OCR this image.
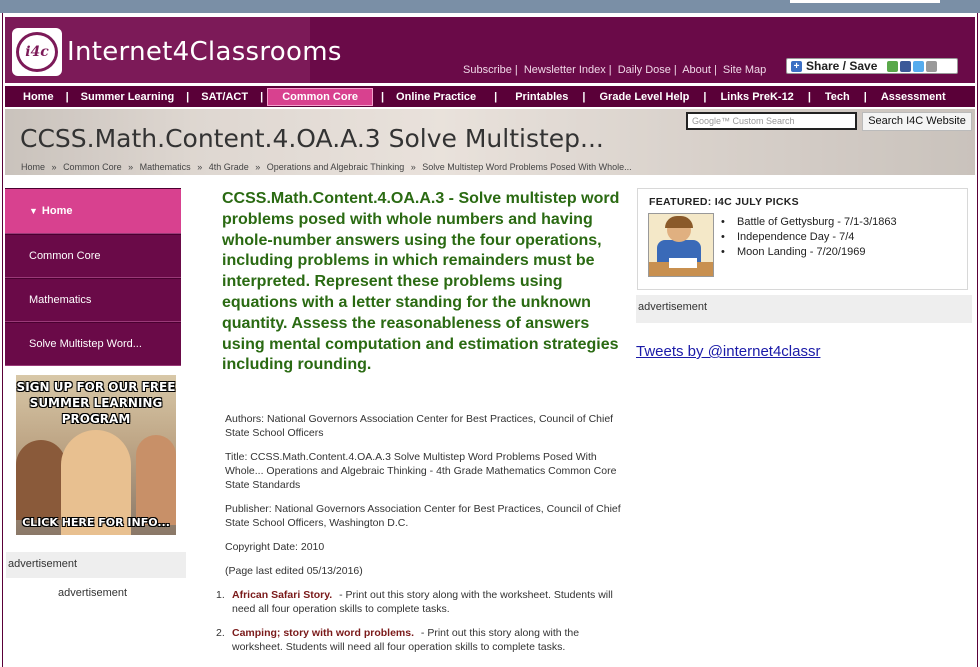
i4c Internet4Classrooms
Subscribe | Newsletter Index | Daily Dose | About | Site Map	+ Share / Save
Home	|	Summer Learning	|	SAT/ACT	|	Common Core	|	Online Practice	|	Printables	|	Grade Level Help	|	Links PreK-12	|	Tech	|	Assessment
CCSS.Math.Content.4.OA.A.3 Solve Multistep...
Home » Common Core » Mathematics » 4th Grade » Operations and Algebraic Thinking » Solve Multistep Word Problems Posed With Whole...
Google™ Custom Search	Search I4C Website
▼ Home
Common Core
Mathematics
Solve Multistep Word...
SIGN UP FOR OUR FREE SUMMER LEARNING PROGRAM
CLICK HERE FOR INFO...
advertisement
advertisement
CCSS.Math.Content.4.OA.A.3 - Solve multistep word problems posed with whole numbers and having whole-number answers using the four operations, including problems in which remainders must be interpreted. Represent these problems using equations with a letter standing for the unknown quantity. Assess the reasonableness of answers using mental computation and estimation strategies including rounding.

Authors: National Governors Association Center for Best Practices, Council of Chief State School Officers

Title: CCSS.Math.Content.4.OA.A.3 Solve Multistep Word Problems Posed With Whole... Operations and Algebraic Thinking - 4th Grade Mathematics Common Core State Standards

Publisher: National Governors Association Center for Best Practices, Council of Chief State School Officers, Washington D.C.

Copyright Date: 2010

(Page last edited 05/13/2016)

1. African Safari Story. - Print out this story along with the worksheet. Students will need all four operation skills to complete tasks.
2. Camping; story with word problems. - Print out this story along with the worksheet. Students will need all four operation skills to complete tasks.
FEATURED: I4C JULY PICKS
•	Battle of Gettysburg - 7/1-3/1863
•	Independence Day - 7/4
•	Moon Landing - 7/20/1969
advertisement
Tweets by @internet4classr
